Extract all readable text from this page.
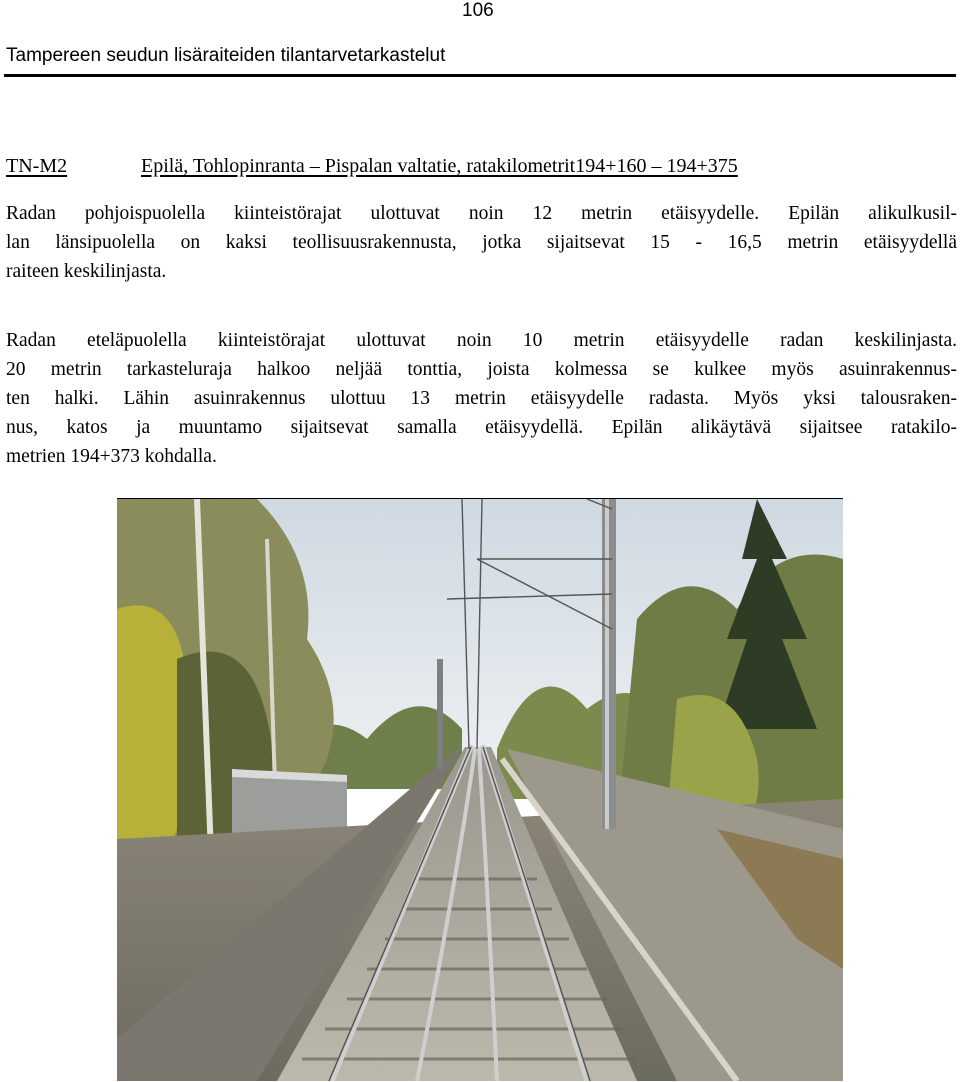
106
Tampereen seudun lisäraiteiden tilantarvetarkastelut
TN-M2	Epilä, Tohlopinranta – Pispalan valtatie, ratakilometrit194+160 – 194+375
Radan pohjoispuolella kiinteistörajat ulottuvat noin 12 metrin etäisyydelle. Epilän alikulkusil-
lan länsipuolella on kaksi teollisuusrakennusta, jotka sijaitsevat 15 - 16,5 metrin etäisyydellä
raiteen keskilinjasta.
Radan eteläpuolella kiinteistörajat ulottuvat noin 10 metrin etäisyydelle radan keskilinjasta.
20 metrin tarkasteluraja halkoo neljää tonttia, joista kolmessa se kulkee myös asuinrakennus-
ten halki. Lähin asuinrakennus ulottuu 13 metrin etäisyydelle radasta. Myös yksi talousraken-
nus, katos ja muuntamo sijaitsevat samalla etäisyydellä. Epilän alikäytävä sijaitsee ratakilo-
metrien 194+373 kohdalla.
